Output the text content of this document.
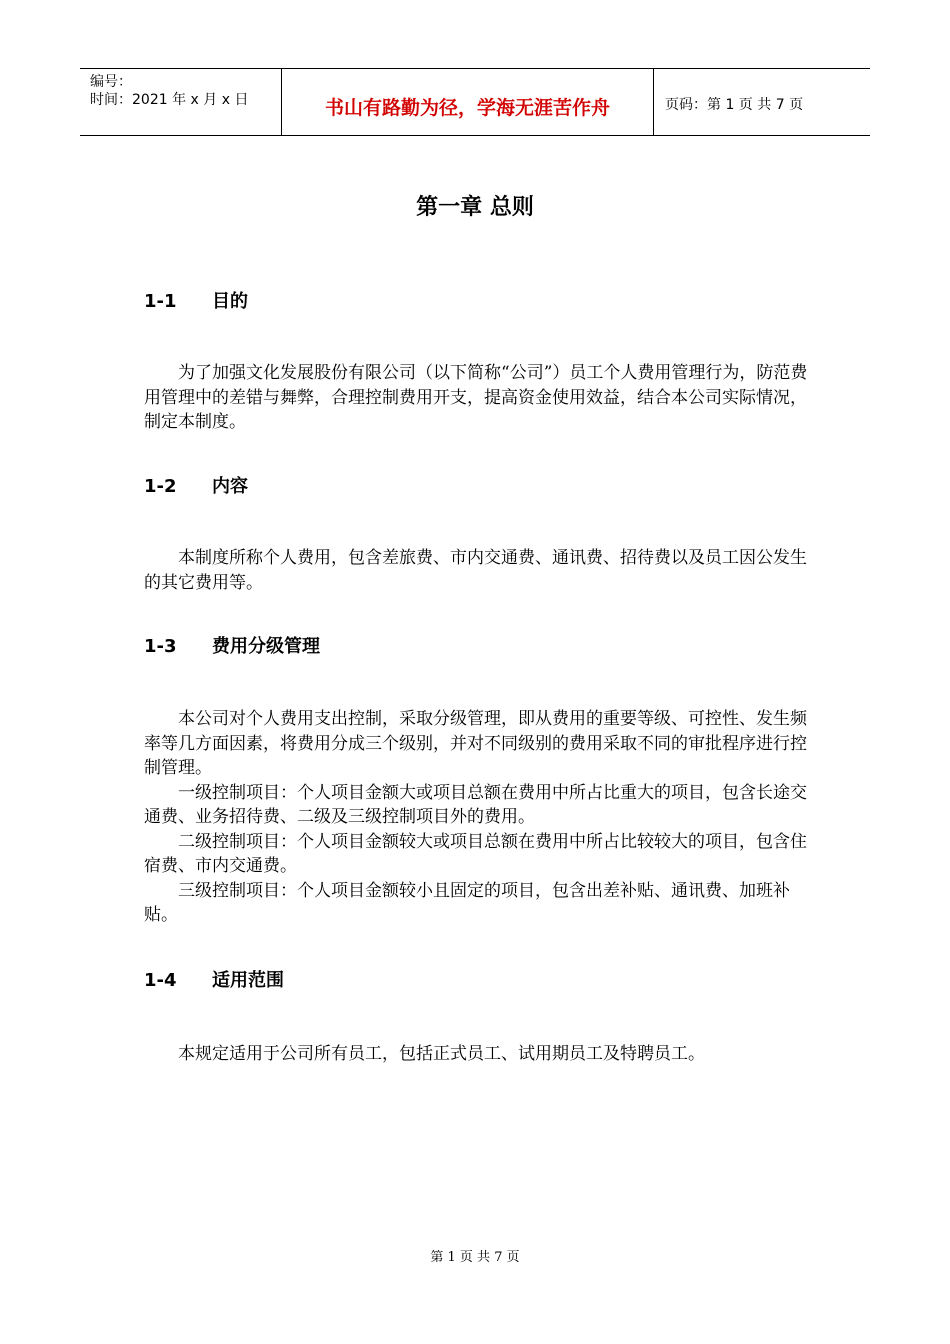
编号：
时间：2021 年 x 月 x 日	书山有路勤为径，学海无涯苦作舟	页码：第 1 页 共 7 页
第一章 总则
1-1 目的

为了加强文化发展股份有限公司（以下简称“公司”）员工个人费用管理行为，防范费用管理中的差错与舞弊，合理控制费用开支，提高资金使用效益，结合本公司实际情况，制定本制度。

1-2 内容

本制度所称个人费用，包含差旅费、市内交通费、通讯费、招待费以及员工因公发生的其它费用等。

1-3 费用分级管理

本公司对个人费用支出控制，采取分级管理，即从费用的重要等级、可控性、发生频率等几方面因素，将费用分成三个级别，并对不同级别的费用采取不同的审批程序进行控制管理。

一级控制项目：个人项目金额大或项目总额在费用中所占比重大的项目，包含长途交通费、业务招待费、二级及三级控制项目外的费用。

二级控制项目：个人项目金额较大或项目总额在费用中所占比较较大的项目，包含住宿费、市内交通费。

三级控制项目：个人项目金额较小且固定的项目，包含出差补贴、通讯费、加班补贴。

1-4 适用范围

本规定适用于公司所有员工，包括正式员工、试用期员工及特聘员工。

第 1 页 共 7 页
